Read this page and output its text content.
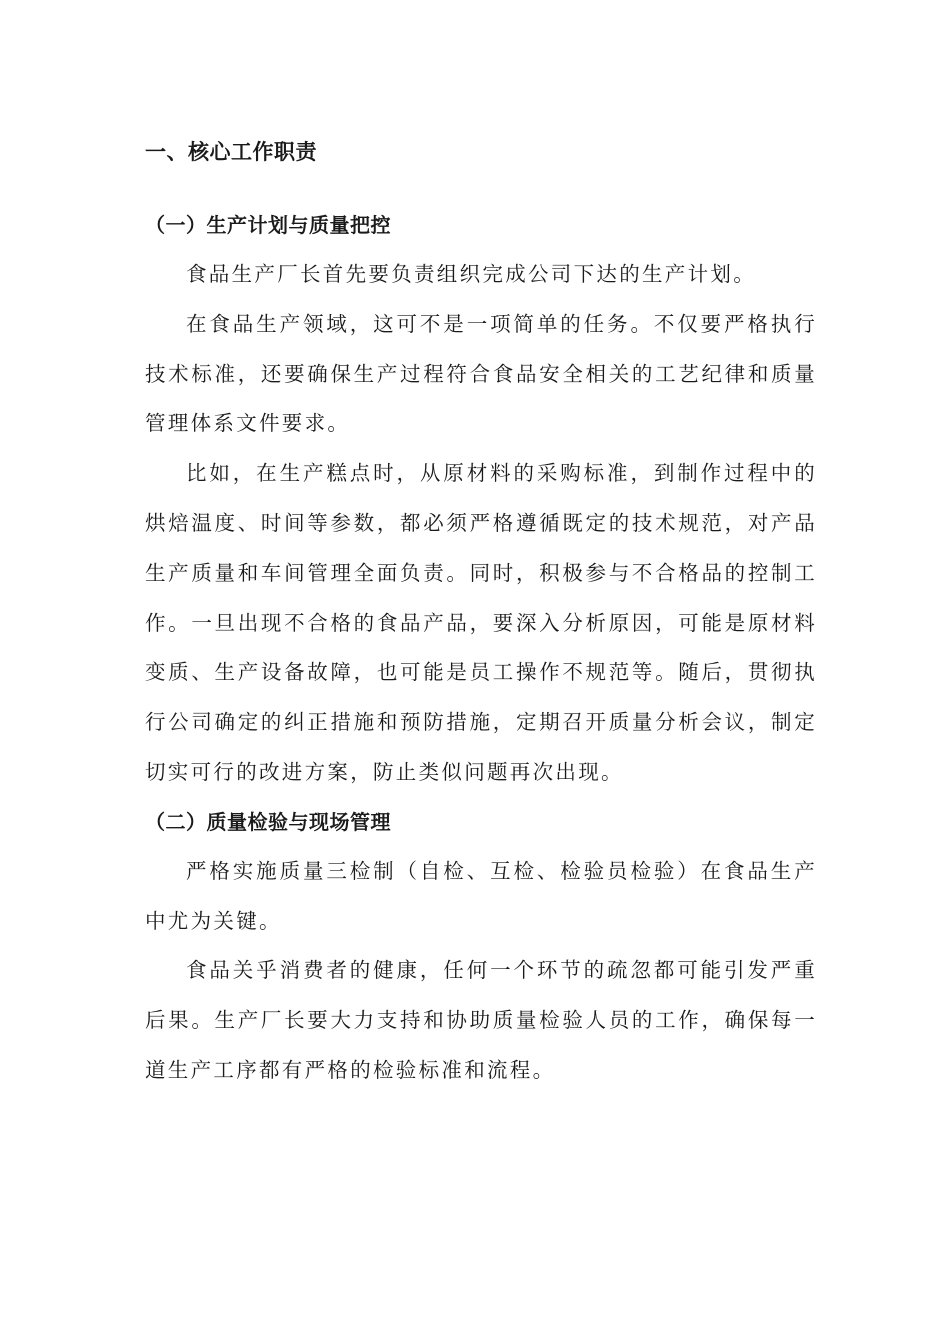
一、核心工作职责
（一）生产计划与质量把控

食品生产厂长首先要负责组织完成公司下达的生产计划。

在食品生产领域，这可不是一项简单的任务。不仅要严格执行技术标准，还要确保生产过程符合食品安全相关的工艺纪律和质量管理体系文件要求。

比如，在生产糕点时，从原材料的采购标准，到制作过程中的烘焙温度、时间等参数，都必须严格遵循既定的技术规范，对产品生产质量和车间管理全面负责。同时，积极参与不合格品的控制工作。一旦出现不合格的食品产品，要深入分析原因，可能是原材料变质、生产设备故障，也可能是员工操作不规范等。随后，贯彻执行公司确定的纠正措施和预防措施，定期召开质量分析会议，制定切实可行的改进方案，防止类似问题再次出现。

（二）质量检验与现场管理

严格实施质量三检制（自检、互检、检验员检验）在食品生产中尤为关键。

食品关乎消费者的健康，任何一个环节的疏忽都可能引发严重后果。生产厂长要大力支持和协助质量检验人员的工作，确保每一道生产工序都有严格的检验标准和流程。
